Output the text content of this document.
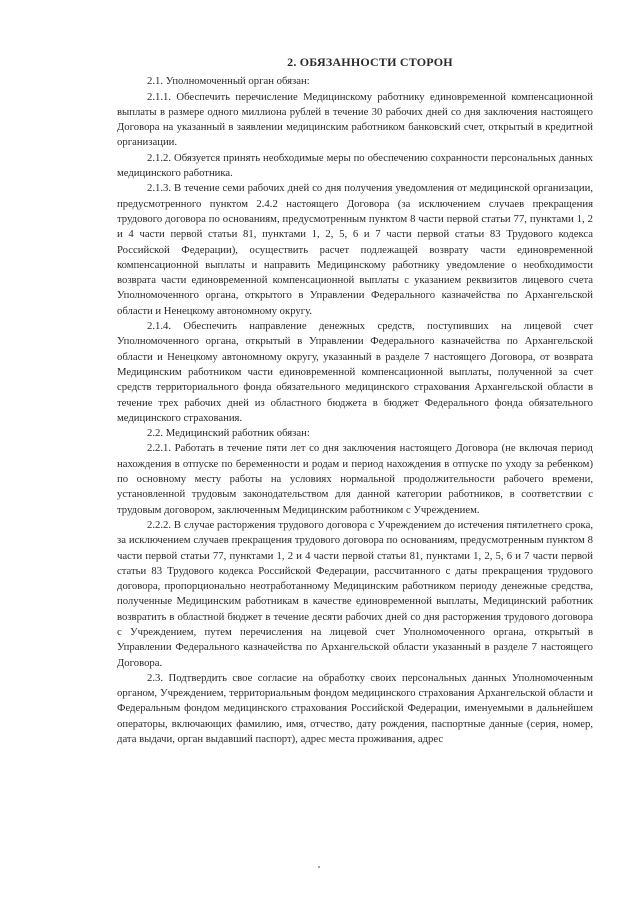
2. ОБЯЗАННОСТИ СТОРОН

2.1. Уполномоченный орган обязан:

2.1.1. Обеспечить перечисление Медицинскому работнику единовременной компенсационной выплаты в размере одного миллиона рублей в течение 30 рабочих дней со дня заключения настоящего Договора на указанный в заявлении медицинским работником банковский счет, открытый в кредитной организации.

2.1.2. Обязуется принять необходимые меры по обеспечению сохранности персональных данных медицинского работника.

2.1.3. В течение семи рабочих дней со дня получения уведомления от медицинской организации, предусмотренного пунктом 2.4.2 настоящего Договора (за исключением случаев прекращения трудового договора по основаниям, предусмотренным пунктом 8 части первой статьи 77, пунктами 1, 2 и 4 части первой статьи 81, пунктами 1, 2, 5, 6 и 7 части первой статьи 83 Трудового кодекса Российской Федерации), осуществить расчет подлежащей возврату части единовременной компенсационной выплаты и направить Медицинскому работнику уведомление о необходимости возврата части единовременной компенсационной выплаты с указанием реквизитов лицевого счета Уполномоченного органа, открытого в Управлении Федерального казначейства по Архангельской области и Ненецкому автономному округу.

2.1.4. Обеспечить направление денежных средств, поступивших на лицевой счет Уполномоченного органа, открытый в Управлении Федерального казначейства по Архангельской области и Ненецкому автономному округу, указанный в разделе 7 настоящего Договора, от возврата Медицинским работником части единовременной компенсационной выплаты, полученной за счет средств территориального фонда обязательного медицинского страхования Архангельской области в течение трех рабочих дней из областного бюджета в бюджет Федерального фонда обязательного медицинского страхования.

2.2. Медицинский работник обязан:

2.2.1. Работать в течение пяти лет со дня заключения настоящего Договора (не включая период нахождения в отпуске по беременности и родам и период нахождения в отпуске по уходу за ребенком) по основному месту работы на условиях нормальной продолжительности рабочего времени, установленной трудовым законодательством для данной категории работников, в соответствии с трудовым договором, заключенным Медицинским работником с Учреждением.

2.2.2. В случае расторжения трудового договора с Учреждением до истечения пятилетнего срока, за исключением случаев прекращения трудового договора по основаниям, предусмотренным пунктом 8 части первой статьи 77, пунктами 1, 2 и 4 части первой статьи 81, пунктами 1, 2, 5, 6 и 7 части первой статьи 83 Трудового кодекса Российской Федерации, рассчитанного с даты прекращения трудового договора, пропорционально неотработанному Медицинским работником периоду денежные средства, полученные Медицинским работникам в качестве единовременной выплаты, Медицинский работник возвратить в областной бюджет в течение десяти рабочих дней со дня расторжения трудового договора с Учреждением, путем перечисления на лицевой счет Уполномоченного органа, открытый в Управлении Федерального казначейства по Архангельской области указанный в разделе 7 настоящего Договора.

2.3. Подтвердить свое согласие на обработку своих персональных данных Уполномоченным органом, Учреждением, территориальным фондом медицинского страхования Архангельской области и Федеральным фондом медицинского страхования Российской Федерации, именуемыми в дальнейшем операторы, включающих фамилию, имя, отчество, дату рождения, паспортные данные (серия, номер, дата выдачи, орган выдавший паспорт), адрес места проживания, адрес
